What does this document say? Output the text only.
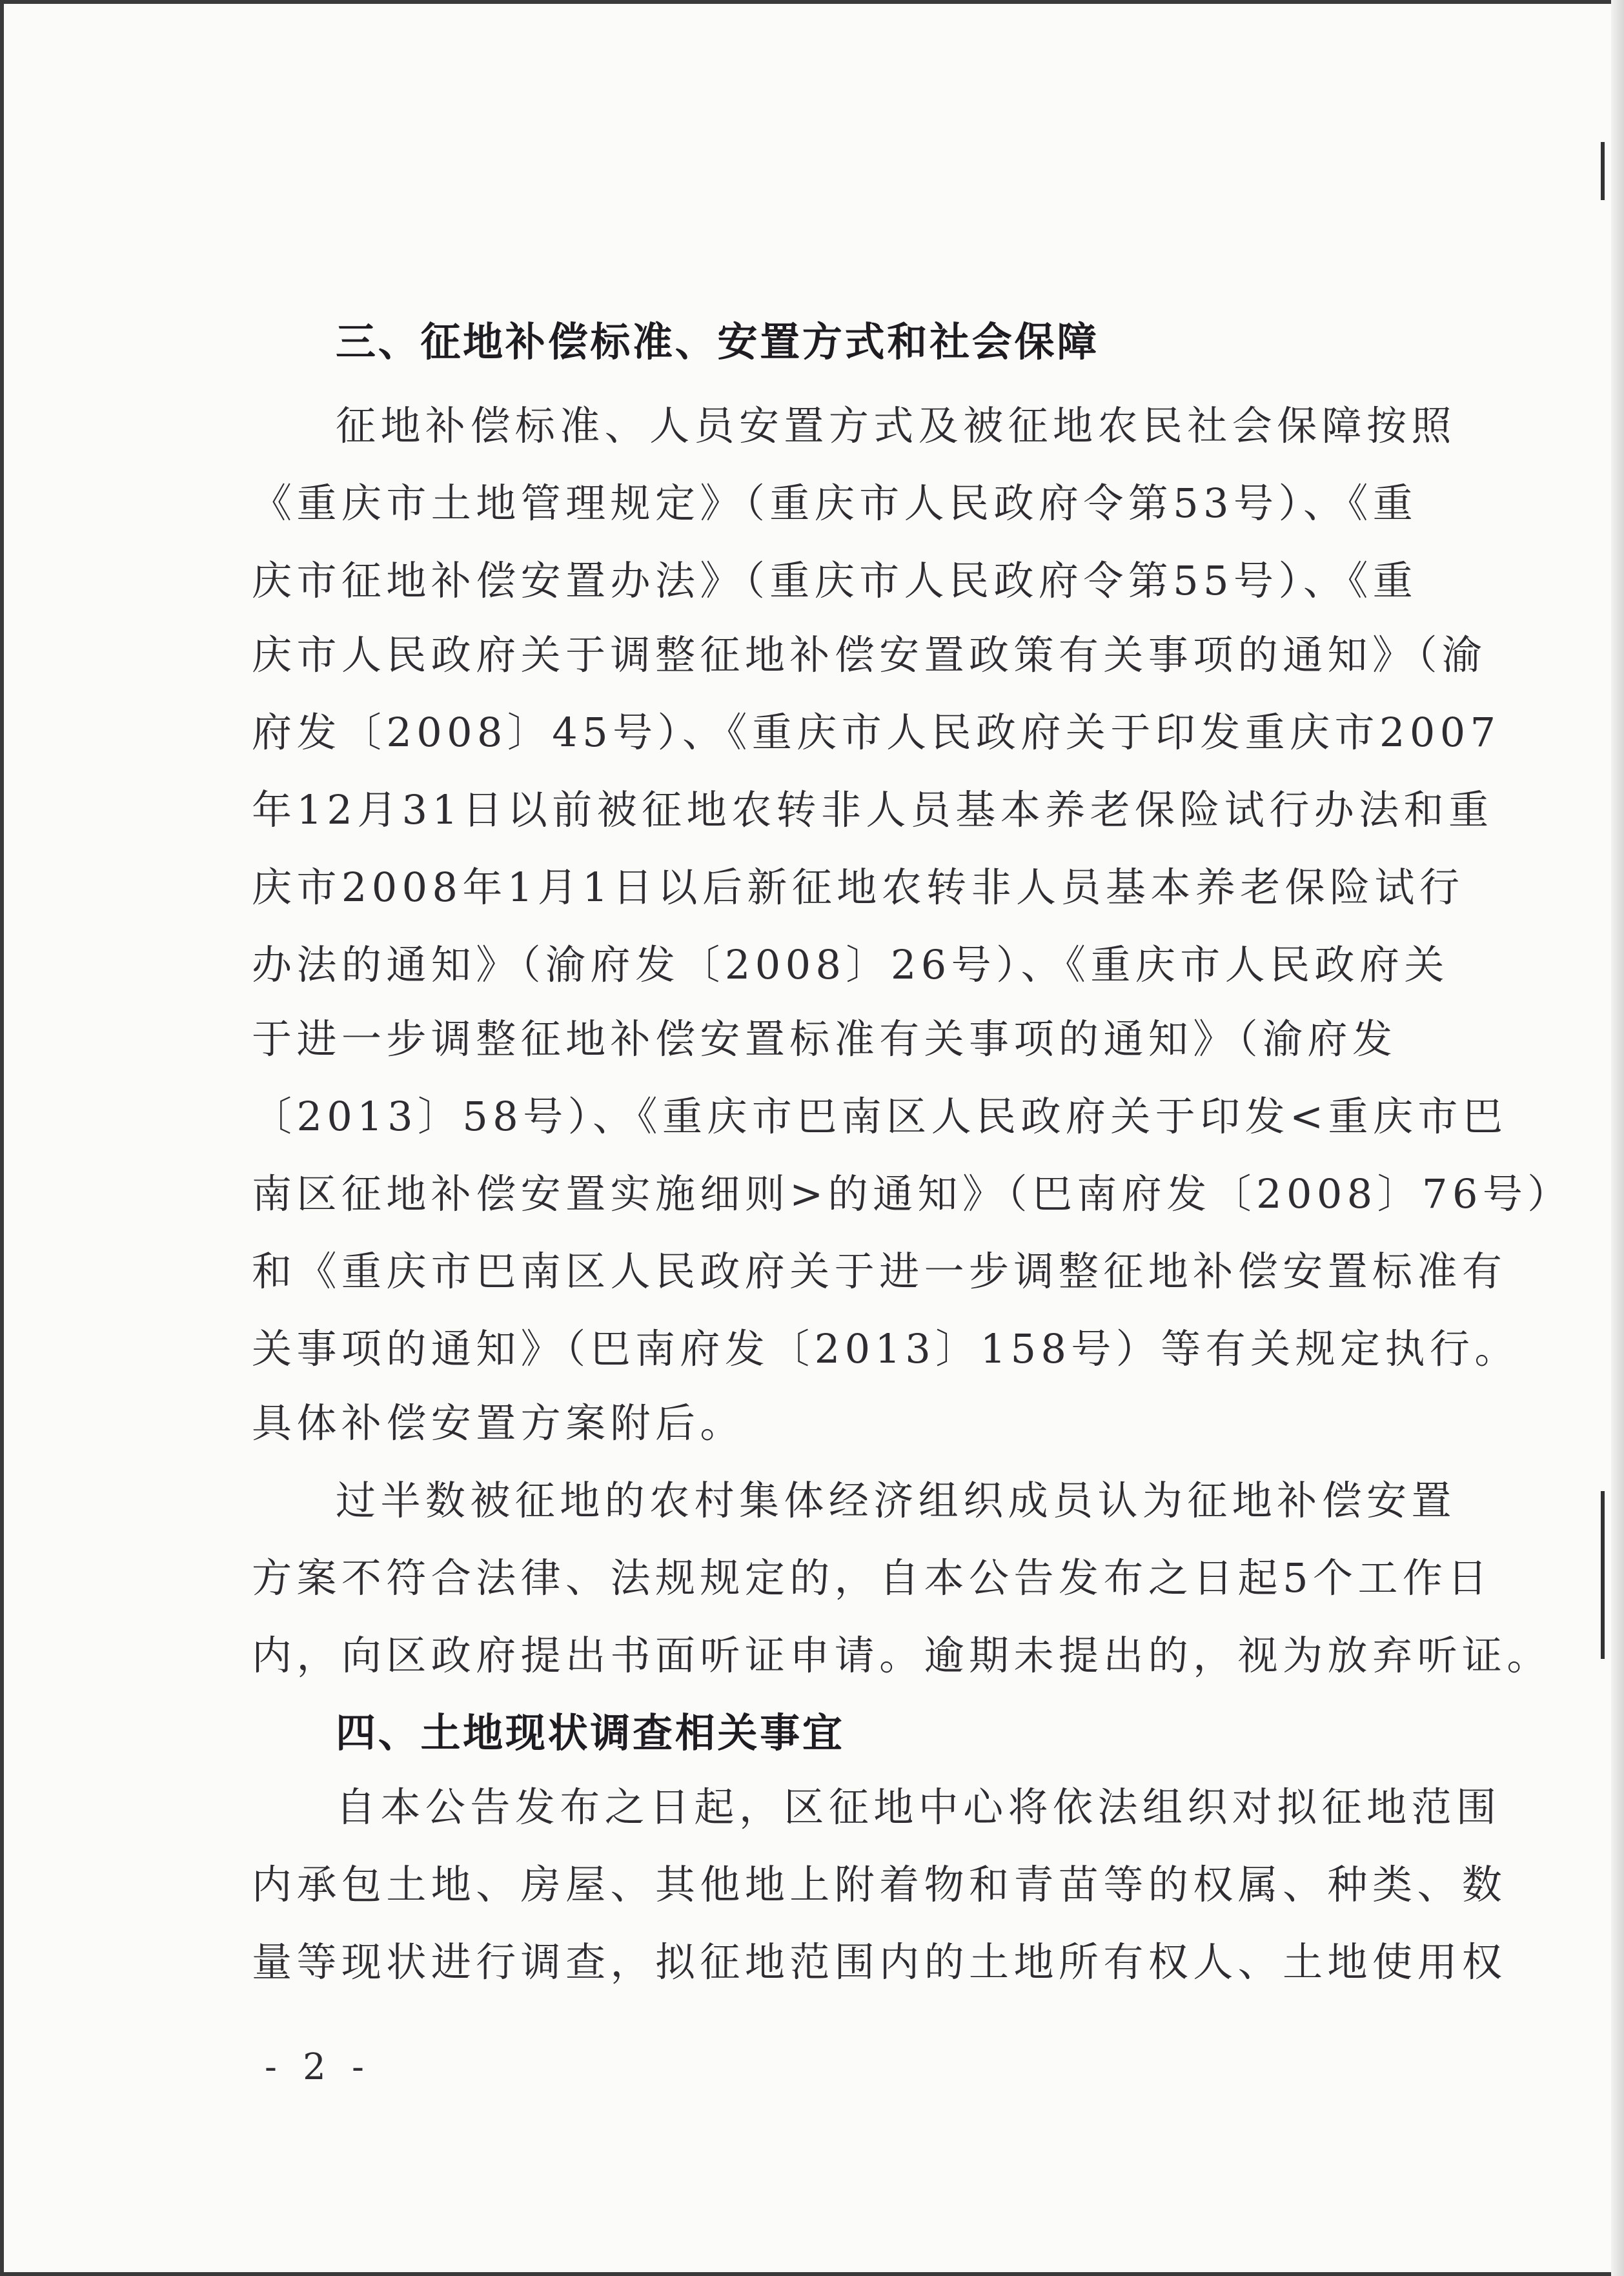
三、征地补偿标准、安置方式和社会保障
征地补偿标准、人员安置方式及被征地农民社会保障按照
《重庆市土地管理规定》（重庆市人民政府令第53号）、《重
庆市征地补偿安置办法》（重庆市人民政府令第55号）、《重
庆市人民政府关于调整征地补偿安置政策有关事项的通知》（渝
府发〔2008〕45号）、《重庆市人民政府关于印发重庆市2007
年12月31日以前被征地农转非人员基本养老保险试行办法和重
庆市2008年1月1日以后新征地农转非人员基本养老保险试行
办法的通知》（渝府发〔2008〕26号）、《重庆市人民政府关
于进一步调整征地补偿安置标准有关事项的通知》（渝府发
〔2013〕58号）、《重庆市巴南区人民政府关于印发<重庆市巴
南区征地补偿安置实施细则>的通知》（巴南府发〔2008〕76号）
和《重庆市巴南区人民政府关于进一步调整征地补偿安置标准有
关事项的通知》（巴南府发〔2013〕158号）等有关规定执行。
具体补偿安置方案附后。
过半数被征地的农村集体经济组织成员认为征地补偿安置
方案不符合法律、法规规定的，自本公告发布之日起5个工作日
内，向区政府提出书面听证申请。逾期未提出的，视为放弃听证。
四、土地现状调查相关事宜
自本公告发布之日起，区征地中心将依法组织对拟征地范围
内承包土地、房屋、其他地上附着物和青苗等的权属、种类、数
量等现状进行调查，拟征地范围内的土地所有权人、土地使用权
- 2 -
